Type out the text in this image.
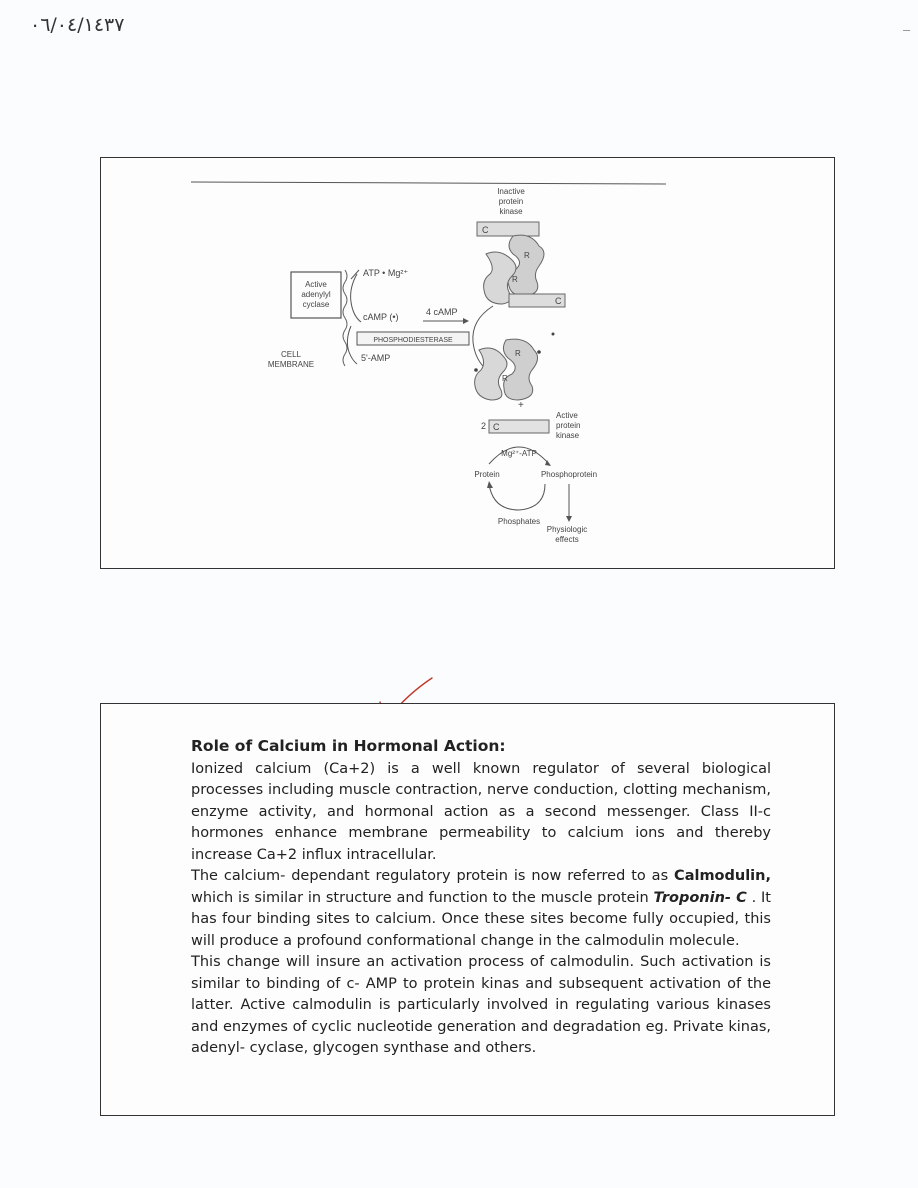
٠٦/٠٤/١٤٣٧
Inactive
protein
kinase
C
R
R
C
Active
adenylyl
cyclase
ATP • Mg²⁺
cAMP (•)	4 cAMP
PHOSPHODIESTERASE
5'-AMP
CELL
MEMBRANE
R
R
+
2 C
Active
protein
kinase
Mg²⁺-ATP
Protein	Phosphoprotein
Phosphates
Physiologic
effects

Role of Calcium in Hormonal Action:

Ionized calcium (Ca+2) is a well known regulator of several biological processes including muscle contraction, nerve conduction, clotting mechanism, enzyme activity, and hormonal action as a second messenger. Class II-c hormones enhance membrane permeability to calcium ions and thereby increase Ca+2 influx intracellular.

The calcium- dependant regulatory protein is now referred to as Calmodulin, which is similar in structure and function to the muscle protein Troponin- C . It has four binding sites to calcium. Once these sites become fully occupied, this will produce a profound conformational change in the calmodulin molecule.

This change will insure an activation process of calmodulin. Such activation is similar to binding of c- AMP to protein kinas and subsequent activation of the latter. Active calmodulin is particularly involved in regulating various kinases and enzymes of cyclic nucleotide generation and degradation eg. Private kinas, adenyl- cyclase, glycogen synthase and others.
